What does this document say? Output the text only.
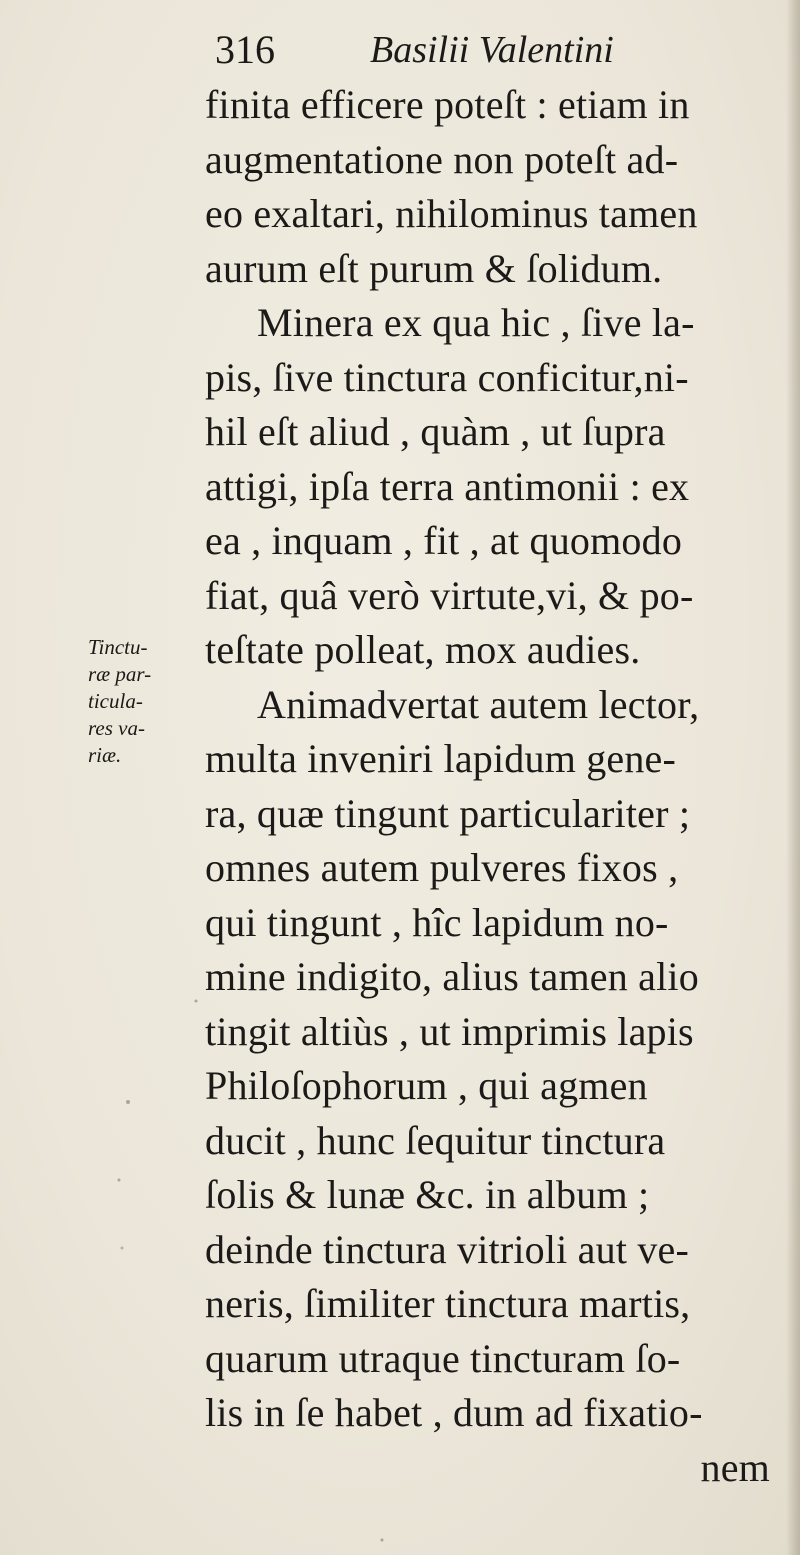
316	Basilii Valentini
Tinctu-
ræ par-
ticula-
res va-
riæ.
finita efficere poteſt : etiam in
augmentatione non poteſt ad-
eo exaltari, nihilominus tamen
aurum eſt purum & ſolidum.
Minera ex qua hic , ſive la-
pis, ſive tinctura conficitur,ni-
hil eſt aliud , quàm , ut ſupra
attigi, ipſa terra antimonii : ex
ea , inquam , fit , at quomodo
fiat, quâ verò virtute,vi, & po-
teſtate polleat, mox audies.
Animadvertat autem lector,
multa inveniri lapidum gene-
ra, quæ tingunt particulariter ;
omnes autem pulveres fixos ,
qui tingunt , hîc lapidum no-
mine indigito, alius tamen alio
tingit altiùs , ut imprimis lapis
Philoſophorum , qui agmen
ducit , hunc ſequitur tinctura
ſolis & lunæ &c. in album ;
deinde tinctura vitrioli aut ve-
neris, ſimiliter tinctura martis,
quarum utraque tincturam ſo-
lis in ſe habet , dum ad fixatio-
nem
